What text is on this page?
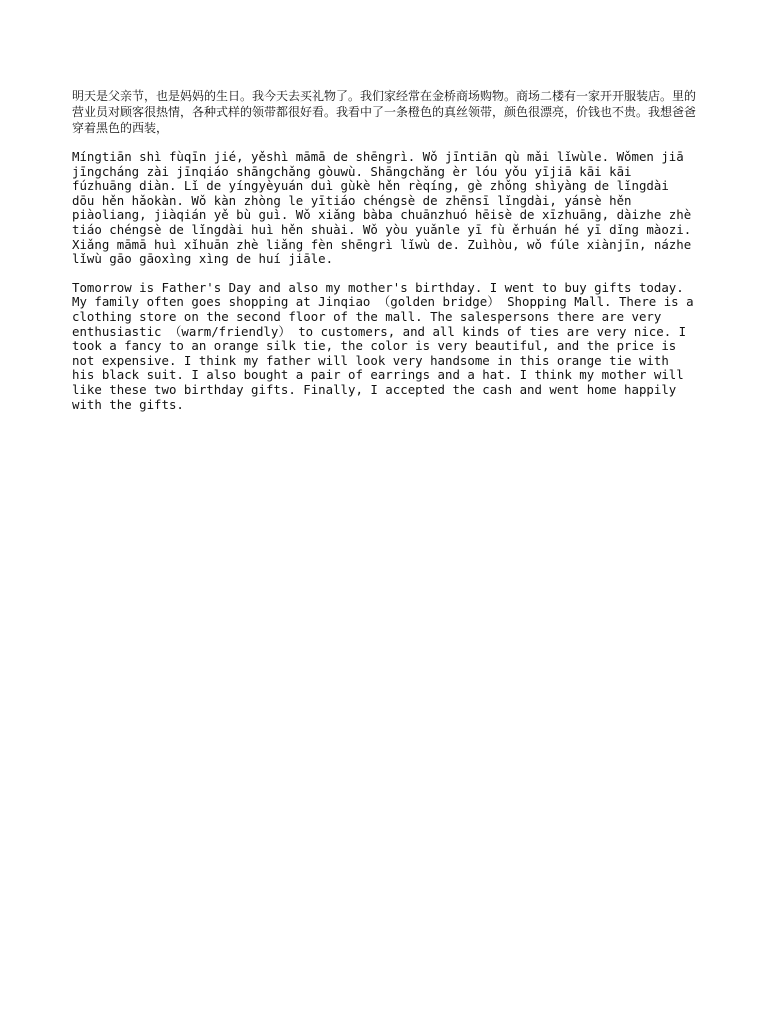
明天是父亲节，也是妈妈的生日。我今天去买礼物了。我们家经常在金桥商场购物。商场二楼有一家开开服装店。里的营业员对顾客很热情，各种式样的领带都很好看。我看中了一条橙色的真丝领带，颜色很漂亮，价钱也不贵。我想爸爸穿着黑色的西装，

Míngtiān shì fùqīn jié, yěshì māmā de shēngrì. Wǒ jīntiān qù mǎi lǐwùle. Wǒmen jiā jīngcháng zài jīnqiáo shāngchǎng gòuwù. Shāngchǎng èr lóu yǒu yījiā kāi kāi fúzhuāng diàn. Lǐ de yíngyèyuán duì gùkè hěn rèqíng, gè zhǒng shìyàng de lǐngdài dōu hěn hǎokàn. Wǒ kàn zhòng le yītiáo chéngsè de zhēnsī lǐngdài, yánsè hěn piàoliang, jiàqián yě bù guì. Wǒ xiǎng bàba chuānzhuó hēisè de xīzhuāng, dàizhe zhè tiáo chéngsè de lǐngdài huì hěn shuài. Wǒ yòu yuǎnle yī fù ěrhuán hé yī dǐng màozi. Xiǎng māmā huì xǐhuān zhè liǎng fèn shēngrì lǐwù de. Zuìhòu, wǒ fúle xiànjīn, názhe lǐwù gāo gāoxìng xìng de huí jiāle.

Tomorrow is Father's Day and also my mother's birthday. I went to buy gifts today. My family often goes shopping at Jinqiao （golden bridge） Shopping Mall. There is a clothing store on the second floor of the mall. The salespersons there are very enthusiastic （warm/friendly） to customers, and all kinds of ties are very nice. I took a fancy to an orange silk tie, the color is very beautiful, and the price is not expensive. I think my father will look very handsome in this orange tie with his black suit. I also bought a pair of earrings and a hat. I think my mother will like these two birthday gifts. Finally, I accepted the cash and went home happily with the gifts.
